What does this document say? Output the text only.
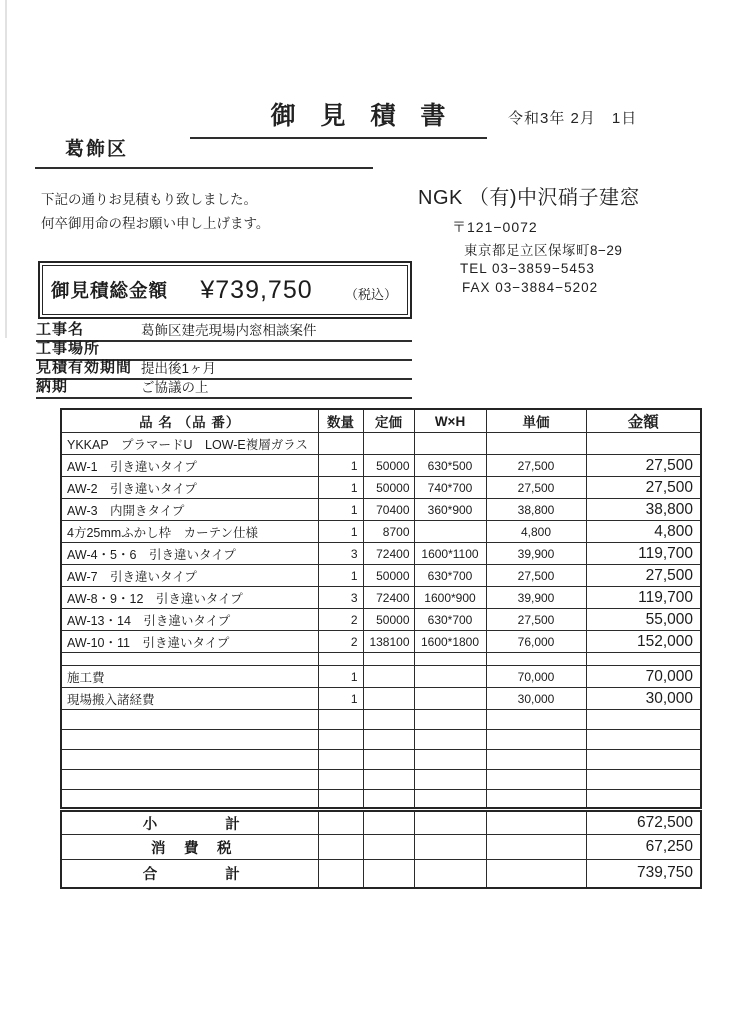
御 見 積 書	令和3年 2月　1日
葛飾区
下記の通りお見積もり致しました。
何卒御用命の程お願い申し上げます。
NGK （有)中沢硝子建窓
〒121−0072
東京都足立区保塚町8−29
TEL 03−3859−5453
FAX 03−3884−5202
御見積総金額	¥739,750	（税込）
工事名	葛飾区建売現場内窓相談案件
工事場所
見積有効期間 提出後1ヶ月
納期	ご協議の上
品 名 （品 番）	数量	定価	W×H	単価	金額
YKKAP　プラマードU　LOW-E複層ガラス					
AW-1　引き違いタイプ	1	50000	630*500	27,500	27,500
AW-2　引き違いタイプ	1	50000	740*700	27,500	27,500
AW-3　内開きタイプ	1	70400	360*900	38,800	38,800
4方25mmふかし枠　カーテン仕様	1	8700		4,800	4,800
AW-4・5・6　引き違いタイプ	3	72400	1600*1100	39,900	119,700
AW-7　引き違いタイプ	1	50000	630*700	27,500	27,500
AW-8・9・12　引き違いタイプ	3	72400	1600*900	39,900	119,700
AW-13・14　引き違いタイプ	2	50000	630*700	27,500	55,000
AW-10・11　引き違いタイプ	2	138100	1600*1800	76,000	152,000

施工費	1			70,000	70,000
現場搬入諸経費	1			30,000	30,000

小　　　　計					672,500
消　費　税					67,250
合　　　　計					739,750
